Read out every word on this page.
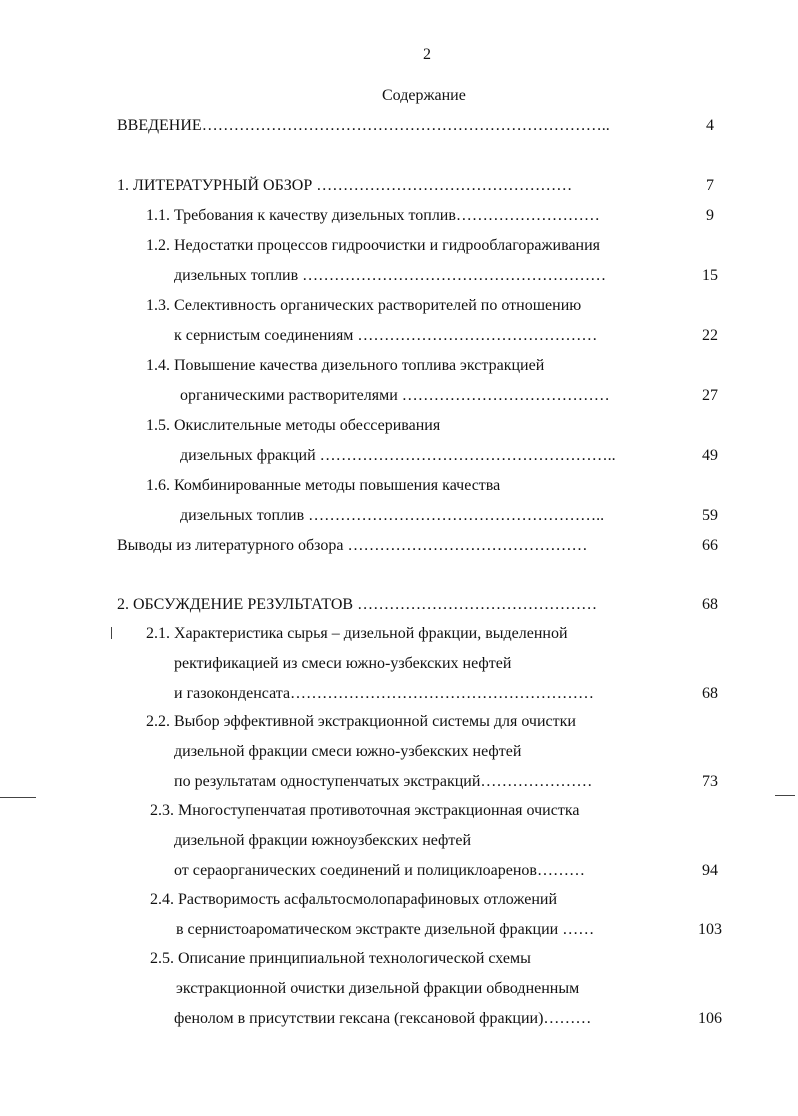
2
Содержание
ВВЕДЕНИЕ…………………………………………………………………..	4
1. ЛИТЕРАТУРНЫЙ ОБЗОР …………………………………………	7
1.1. Требования к качеству дизельных топлив………………………	9
1.2. Недостатки процессов гидроочистки и гидрооблагораживания
дизельных топлив …………………………………………………	15
1.3. Селективность органических растворителей по отношению
к сернистым соединениям ………………………………………	22
1.4. Повышение качества дизельного топлива экстракцией
органическими растворителями …………………………………	27
1.5. Окислительные методы обессеривания
дизельных фракций ………………………………………………..	49
1.6. Комбинированные методы повышения качества
дизельных топлив ………………………………………………..	59
Выводы из литературного обзора ………………………………………	66
2. ОБСУЖДЕНИЕ РЕЗУЛЬТАТОВ ………………………………………	68
2.1. Характеристика сырья – дизельной фракции, выделенной
ректификацией из смеси южно-узбекских нефтей
и газоконденсата…………………………………………………	68
2.2. Выбор эффективной экстракционной системы для очистки
дизельной фракции смеси южно-узбекских нефтей
по результатам одноступенчатых экстракций…………………	73
2.3. Многоступенчатая противоточная экстракционная очистка
дизельной фракции южноузбекских нефтей
от сераорганических соединений и полициклоаренов………	94
2.4. Растворимость асфальтосмолопарафиновых отложений
в сернистоароматическом экстракте дизельной фракции ……	103
2.5. Описание принципиальной технологической схемы
экстракционной очистки дизельной фракции обводненным
фенолом в присутствии гексана (гексановой фракции)………	106
